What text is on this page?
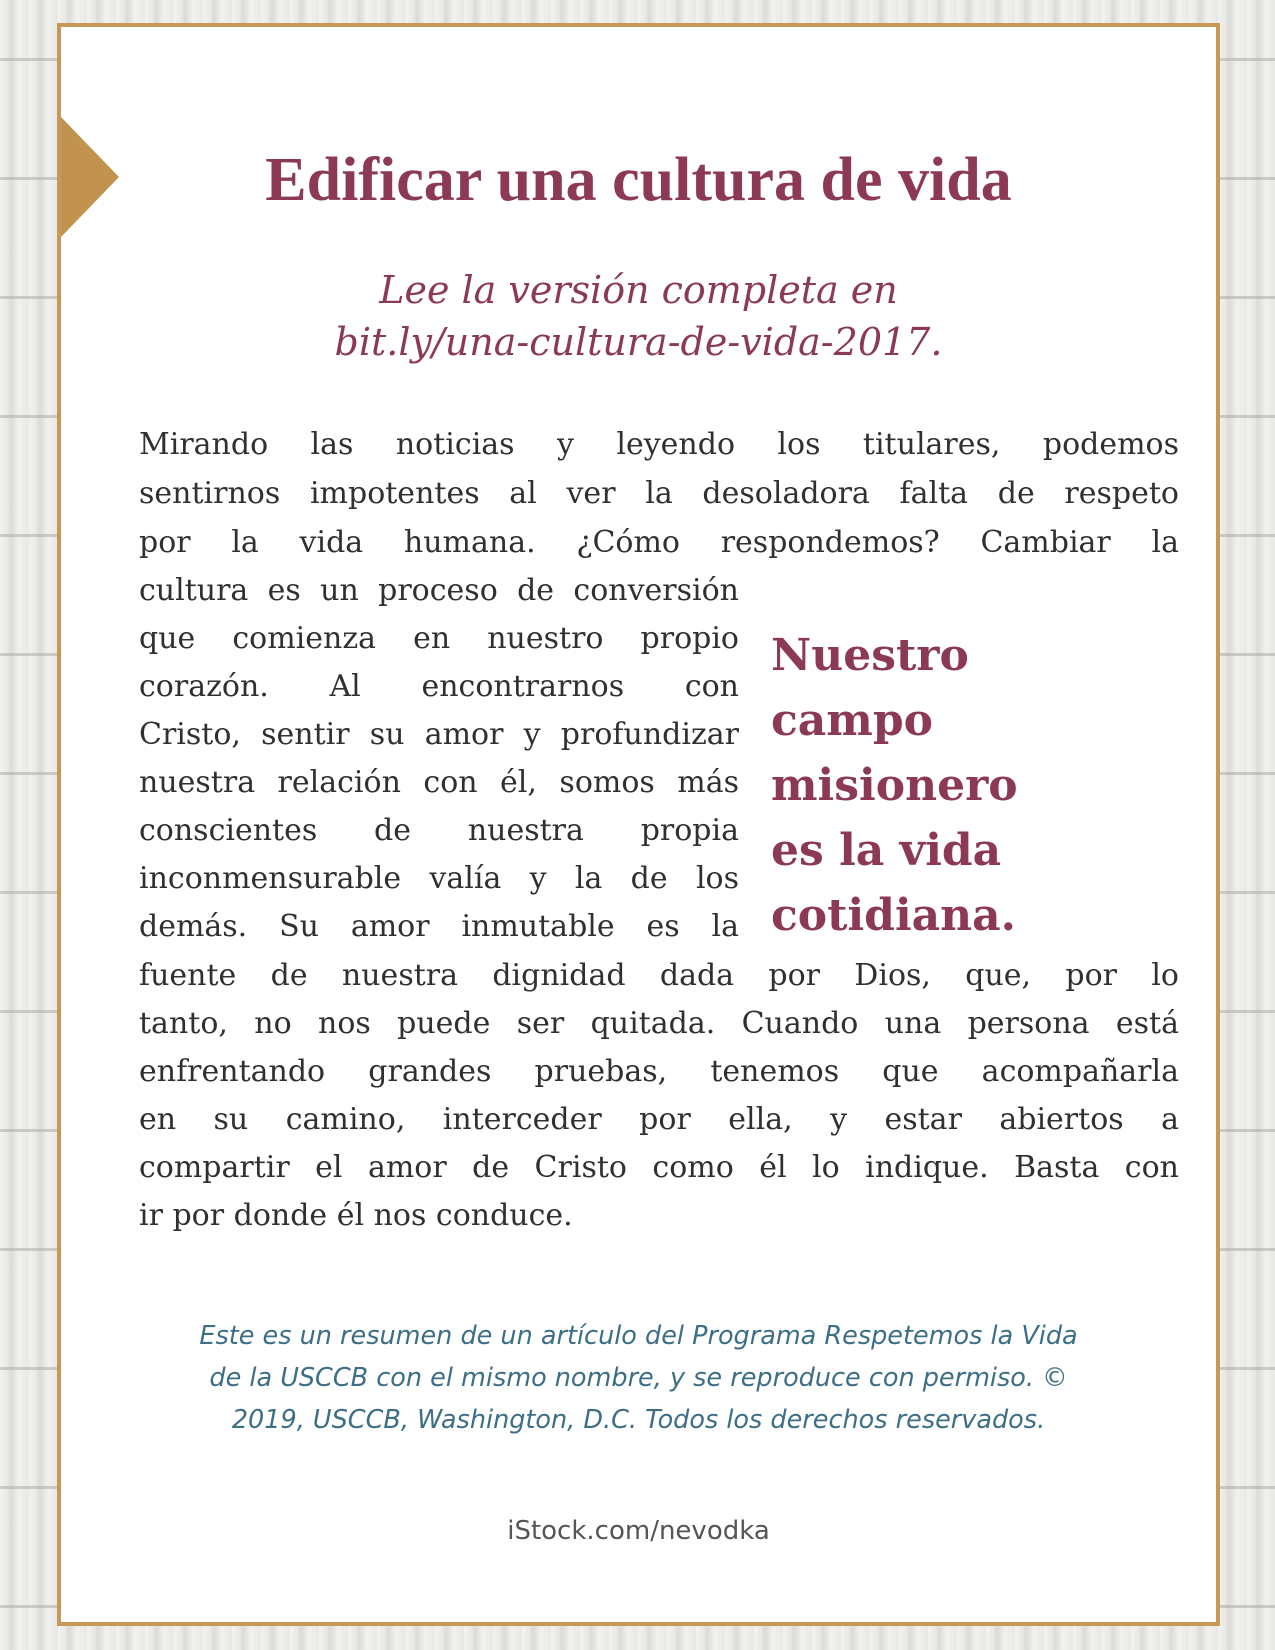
Edificar una cultura de vida
Lee la versión completa en
bit.ly/una-cultura-de-vida-2017.

Mirando las noticias y leyendo los titulares, podemos

sentirnos impotentes al ver la desoladora falta de respeto

por la vida humana. ¿Cómo respondemos? Cambiar la

cultura es un proceso de conversión

que comienza en nuestro propio

corazón. Al encontrarnos con

Cristo, sentir su amor y profundizar

nuestra relación con él, somos más

conscientes de nuestra propia

inconmensurable valía y la de los

demás. Su amor inmutable es la

fuente de nuestra dignidad dada por Dios, que, por lo

tanto, no nos puede ser quitada. Cuando una persona está

enfrentando grandes pruebas, tenemos que acompañarla

en su camino, interceder por ella, y estar abiertos a

compartir el amor de Cristo como él lo indique. Basta con

ir por donde él nos conduce.

Nuestro
campo
misionero
es la vida
cotidiana.
Este es un resumen de un artículo del Programa Respetemos la Vida
de la USCCB con el mismo nombre, y se reproduce con permiso. ©
2019, USCCB, Washington, D.C. Todos los derechos reservados.
iStock.com/nevodka
